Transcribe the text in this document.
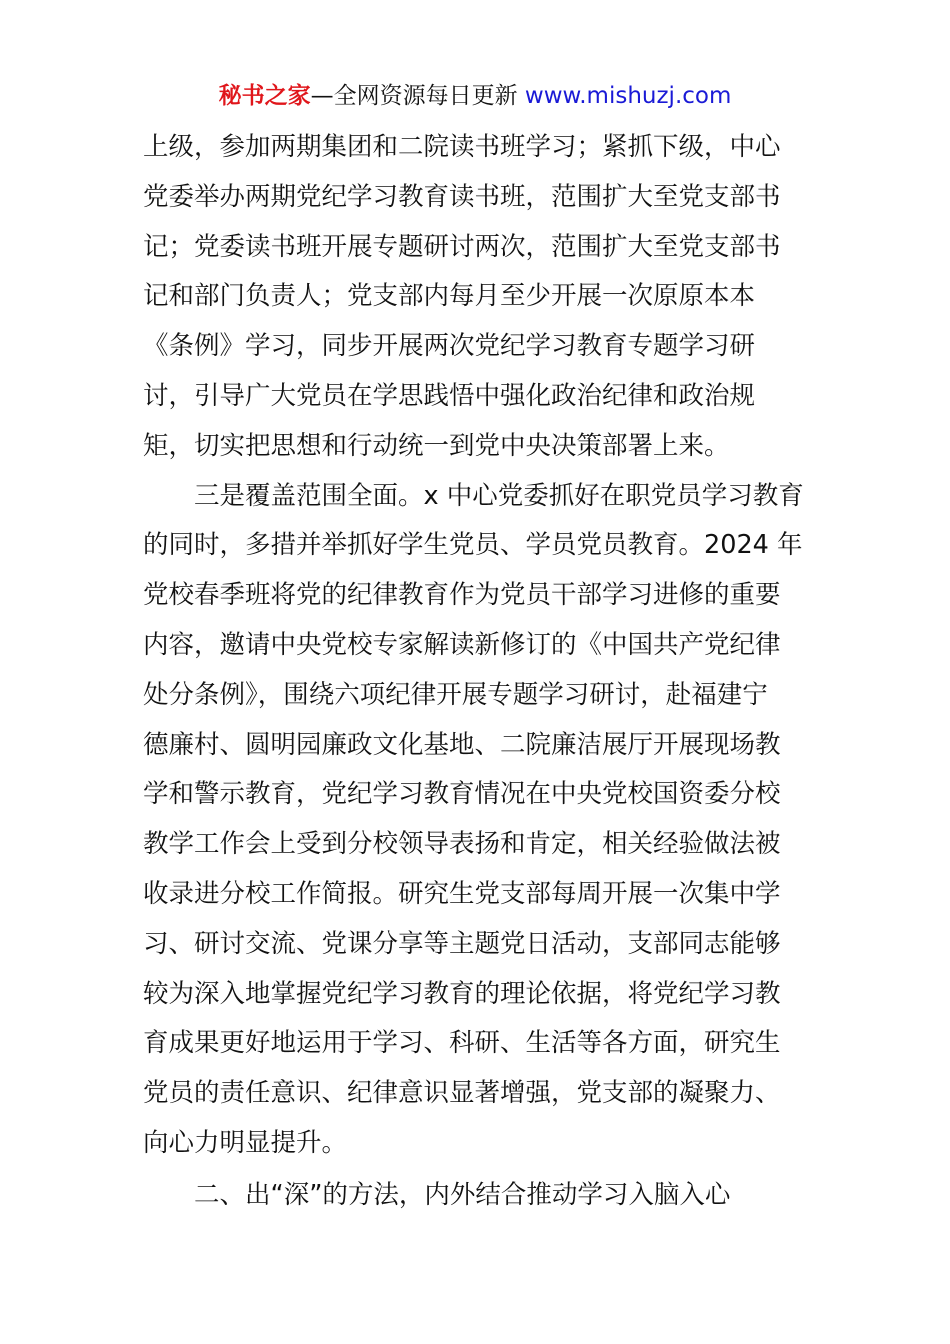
秘书之家—全网资源每日更新 www.mishuzj.com
上级，参加两期集团和二院读书班学习；紧抓下级，中心
党委举办两期党纪学习教育读书班，范围扩大至党支部书
记；党委读书班开展专题研讨两次，范围扩大至党支部书
记和部门负责人；党支部内每月至少开展一次原原本本
《条例》学习，同步开展两次党纪学习教育专题学习研
讨，引导广大党员在学思践悟中强化政治纪律和政治规
矩，切实把思想和行动统一到党中央决策部署上来。
三是覆盖范围全面。x 中心党委抓好在职党员学习教育
的同时，多措并举抓好学生党员、学员党员教育。2024 年
党校春季班将党的纪律教育作为党员干部学习进修的重要
内容，邀请中央党校专家解读新修订的《中国共产党纪律
处分条例》，围绕六项纪律开展专题学习研讨，赴福建宁
德廉村、圆明园廉政文化基地、二院廉洁展厅开展现场教
学和警示教育，党纪学习教育情况在中央党校国资委分校
教学工作会上受到分校领导表扬和肯定，相关经验做法被
收录进分校工作简报。研究生党支部每周开展一次集中学
习、研讨交流、党课分享等主题党日活动，支部同志能够
较为深入地掌握党纪学习教育的理论依据，将党纪学习教
育成果更好地运用于学习、科研、生活等各方面，研究生
党员的责任意识、纪律意识显著增强，党支部的凝聚力、
向心力明显提升。
二、出“深”的方法，内外结合推动学习入脑入心
